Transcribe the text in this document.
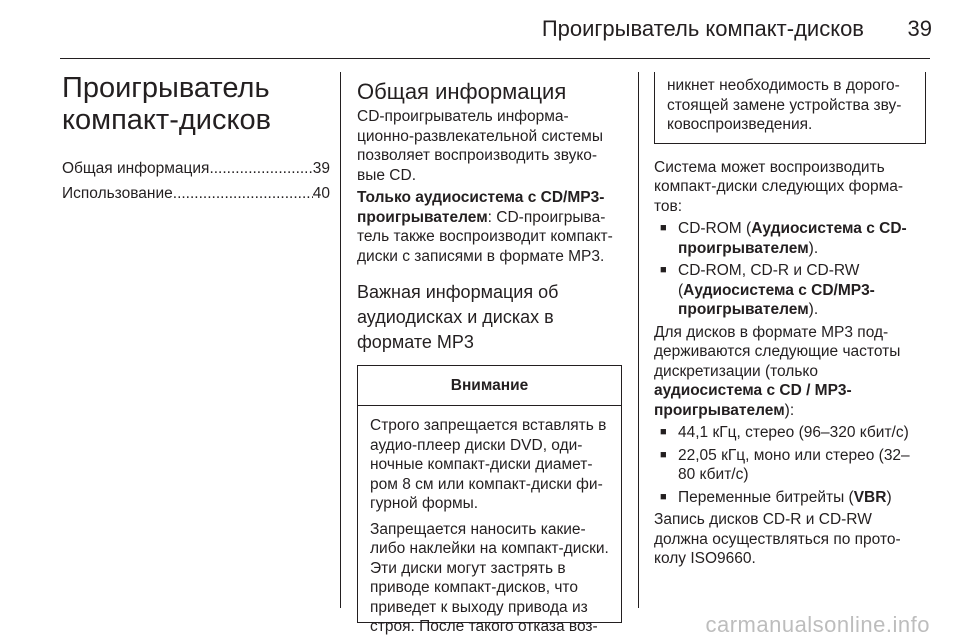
Проигрыватель компакт-дисков 39
Проигрыватель
компакт-дисков
Общая информация .....	39
Использование .....	40
Общая информация

CD-проигрыватель информа-ционно-развлекательной системы позволяет воспроизводить звуко-вые CD.

Только аудиосистема с CD/MP3-проигрывателем: CD-проигрыва-тель также воспроизводит компакт-диски с записями в формате MP3.

Важная информация об аудиодисках и дисках в формате MP3
Внимание

Строго запрещается вставлять в аудио-плеер диски DVD, оди-ночные компакт-диски диамет-ром 8 см или компакт-диски фи-гурной формы.

Запрещается наносить какие-либо наклейки на компакт-диски. Эти диски могут застрять в приводе компакт-дисков, что приведет к выходу привода из строя. После такого отказа воз-

никнет необходимость в дорого-стоящей замене устройства зву-ковоспроизведения.

Система может воспроизводить компакт-диски следующих форма-тов:

■ CD-ROM (Аудиосистема с CD-проигрывателем).
■ CD-ROM, CD-R и CD-RW (Аудиосистема с CD/MP3-проигрывателем).

Для дисков в формате MP3 под-держиваются следующие частоты дискретизации (только аудиосистема с CD / MP3-проигрывателем):

■ 44,1 кГц, стерео (96–320 кбит/с)
■ 22,05 кГц, моно или стерео (32–80 кбит/с)
■ Переменные битрейты (VBR)

Запись дисков CD-R и CD-RW должна осуществляться по прото-колу ISO9660.

carmanualsonline.info
